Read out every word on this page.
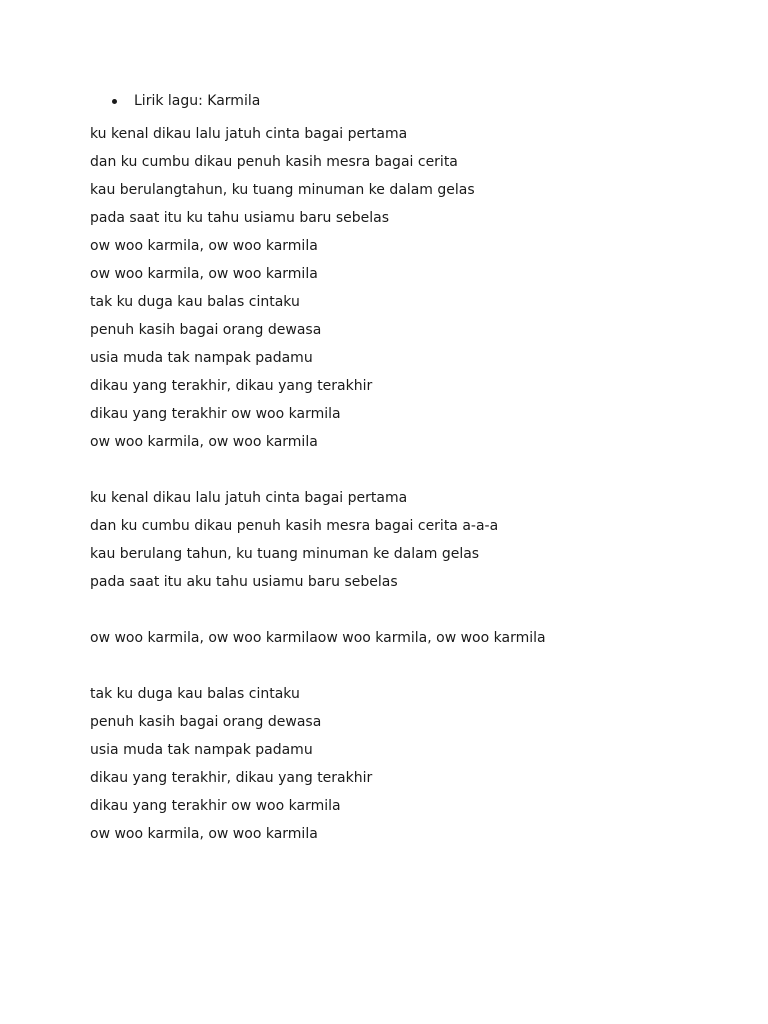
Lirik lagu: Karmila
ku kenal dikau lalu jatuh cinta bagai pertama
dan ku cumbu dikau penuh kasih mesra bagai cerita
kau berulangtahun, ku tuang minuman ke dalam gelas
pada saat itu ku tahu usiamu baru sebelas
ow woo karmila, ow woo karmila
ow woo karmila, ow woo karmila
tak ku duga kau balas cintaku
penuh kasih bagai orang dewasa
usia muda tak nampak padamu
dikau yang terakhir, dikau yang terakhir
dikau yang terakhir ow woo karmila
ow woo karmila, ow woo karmila
ku kenal dikau lalu jatuh cinta bagai pertama
dan ku cumbu dikau penuh kasih mesra bagai cerita a-a-a
kau berulang tahun, ku tuang minuman ke dalam gelas
pada saat itu aku tahu usiamu baru sebelas
ow woo karmila, ow woo karmilaow woo karmila, ow woo karmila
tak ku duga kau balas cintaku
penuh kasih bagai orang dewasa
usia muda tak nampak padamu
dikau yang terakhir, dikau yang terakhir
dikau yang terakhir ow woo karmila
ow woo karmila, ow woo karmila
